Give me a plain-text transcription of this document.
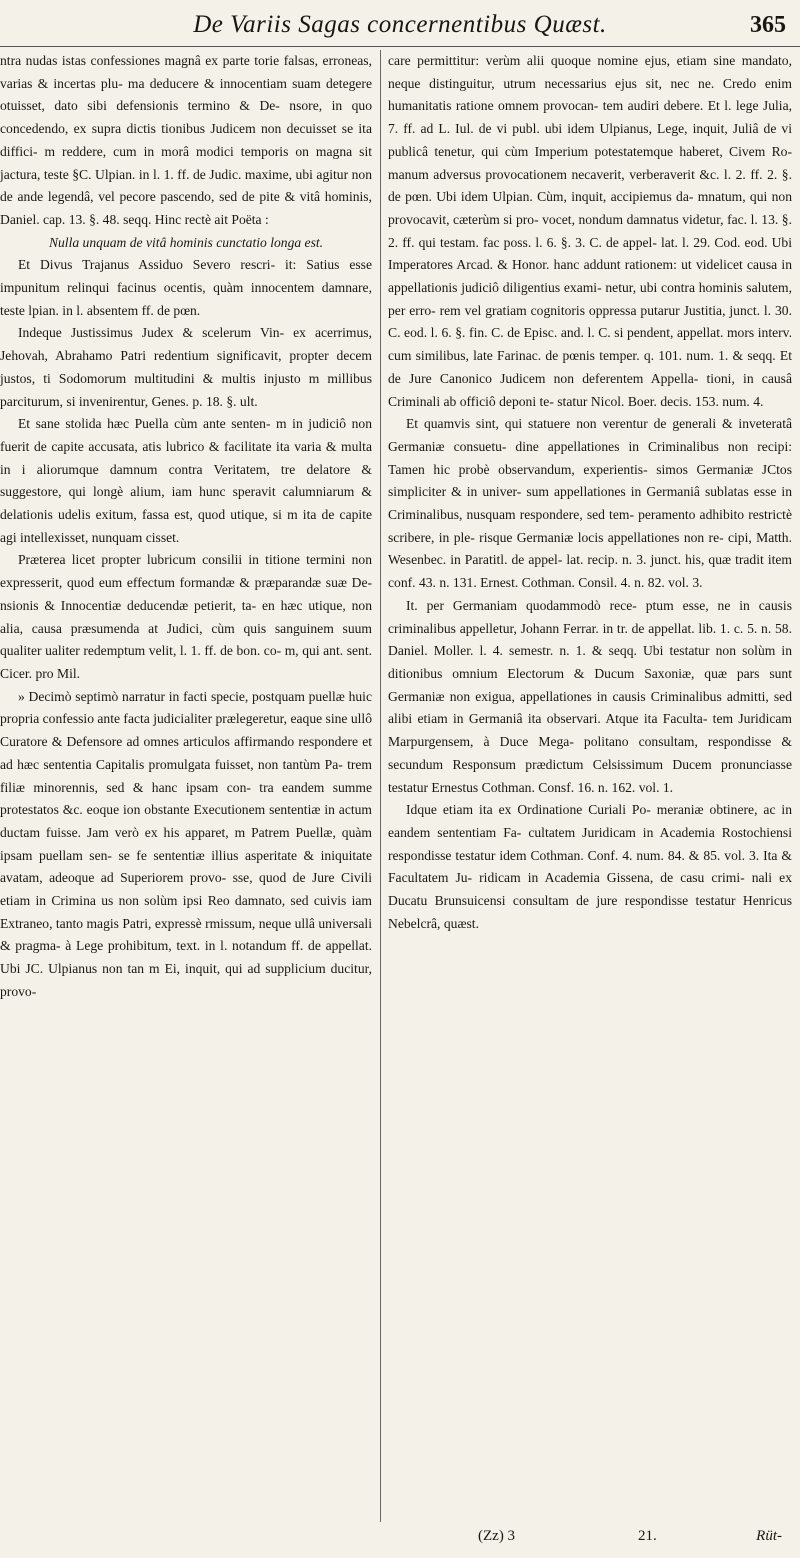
De Variis Sagas concernentibus Quæst.	365

ntra nudas istas confessiones magnâ ex parte torie falsas, erroneas, varias & incertas plu- ma deducere & innocentiam suam detegere otuisset, dato sibi defensionis termino & De- nsore, in quo concedendo, ex supra dictis tionibus Judicem non decuisset se ita diffici- m reddere, cum in morâ modici temporis on magna sit jactura, teste §C. Ulpian. in l. 1. ff. de Judic. maxime, ubi agitur non de ande legendâ, vel pecore pascendo, sed de pite & vitâ hominis, Daniel. cap. 13. §. 48. seqq. Hinc rectè ait Poëta :

Nulla unquam de vitâ hominis cunctatio longa est.

Et Divus Trajanus Assiduo Severo rescri- it: Satius esse impunitum relinqui facinus ocentis, quàm innocentem damnare, teste lpian. in l. absentem ff. de pœn.

Indeque Justissimus Judex & scelerum Vin- ex acerrimus, Jehovah, Abrahamo Patri redentium significavit, propter decem justos, ti Sodomorum multitudini & multis injusto m millibus parciturum, si invenirentur, Genes. p. 18. §. ult.

Et sane stolida hæc Puella cùm ante senten- m in judiciô non fuerit de capite accusata, atis lubrico & facilitate ita varia & multa in i aliorumque damnum contra Veritatem, tre delatore & suggestore, qui longè alium, iam hunc speravit calumniarum & delationis udelis exitum, fassa est, quod utique, si m ita de capite agi intellexisset, nunquam cisset.

Præterea licet propter lubricum consilii in titione termini non expresserit, quod eum effectum formandæ & præparandæ suæ De- nsionis & Innocentiæ deducendæ petierit, ta- en hæc utique, non alia, causa præsumenda at Judici, cùm quis sanguinem suum qualiter ualiter redemptum velit, l. 1. ff. de bon. co- m, qui ant. sent. Cicer. pro Mil.

» Decimò septimò narratur in facti specie, postquam puellæ huic propria confessio ante facta judicialiter prælegeretur, eaque sine ullô Curatore & Defensore ad omnes articulos affirmando respondere et ad hæc sententia Capitalis promulgata fuisset, non tantùm Pa- trem filiæ minorennis, sed & hanc ipsam con- tra eandem summe protestatos &c. eoque ion obstante Executionem sententiæ in actum ductam fuisse. Jam verò ex his apparet, m Patrem Puellæ, quàm ipsam puellam sen- se fe sententiæ illius asperitate & iniquitate avatam, adeoque ad Superiorem provo- sse, quod de Jure Civili etiam in Crimina us non solùm ipsi Reo damnato, sed cuivis iam Extraneo, tanto magis Patri, expressè rmissum, neque ullâ universali & pragma- à Lege prohibitum, text. in l. notandum ff. de appellat. Ubi JC. Ulpianus non tan m Ei, inquit, qui ad supplicium ducitur, provo-

care permittitur: verùm alii quoque nomine ejus, etiam sine mandato, neque distinguitur, utrum necessarius ejus sit, nec ne. Credo enim humanitatis ratione omnem provocan- tem audiri debere. Et l. lege Julia, 7. ff. ad L. Iul. de vi publ. ubi idem Ulpianus, Lege, inquit, Juliâ de vi publicâ tenetur, qui cùm Imperium potestatemque haberet, Civem Ro- manum adversus provocationem necaverit, verberaverit &c. l. 2. ff. 2. §. de pœn. Ubi idem Ulpian. Cùm, inquit, accipiemus da- mnatum, qui non provocavit, cæterùm si pro- vocet, nondum damnatus videtur, fac. l. 13. §. 2. ff. qui testam. fac poss. l. 6. §. 3. C. de appel- lat. l. 29. Cod. eod. Ubi Imperatores Arcad. & Honor. hanc addunt rationem: ut videlicet causa in appellationis judiciô diligentius exami- netur, ubi contra hominis salutem, per erro- rem vel gratiam cognitoris oppressa putarur Justitia, junct. l. 30. C. eod. l. 6. §. fin. C. de Episc. and. l. C. si pendent, appellat. mors interv. cum similibus, late Farinac. de pœnis temper. q. 101. num. 1. & seqq. Et de Jure Canonico Judicem non deferentem Appella- tioni, in causâ Criminali ab officiô deponi te- statur Nicol. Boer. decis. 153. num. 4.

Et quamvis sint, qui statuere non verentur de generali & inveteratâ Germaniæ consuetu- dine appellationes in Criminalibus non recipi: Tamen hic probè observandum, experientis- simos Germaniæ JCtos simpliciter & in univer- sum appellationes in Germaniâ sublatas esse in Criminalibus, nusquam respondere, sed tem- peramento adhibito restrictè scribere, in ple- risque Germaniæ locis appellationes non re- cipi, Matth. Wesenbec. in Paratitl. de appel- lat. recip. n. 3. junct. his, quæ tradit item conf. 43. n. 131. Ernest. Cothman. Consil. 4. n. 82. vol. 3.

It. per Germaniam quodammodò rece- ptum esse, ne in causis criminalibus appelletur, Johann Ferrar. in tr. de appellat. lib. 1. c. 5. n. 58. Daniel. Moller. l. 4. semestr. n. 1. & seqq. Ubi testatur non solùm in ditionibus omnium Electorum & Ducum Saxoniæ, quæ pars sunt Germaniæ non exigua, appellationes in causis Criminalibus admitti, sed alibi etiam in Germaniâ ita observari. Atque ita Faculta- tem Juridicam Marpurgensem, à Duce Mega- politano consultam, respondisse & secundum Responsum prædictum Celsissimum Ducem pronunciasse testatur Ernestus Cothman. Consf. 16. n. 162. vol. 1.

Idque etiam ita ex Ordinatione Curiali Po- meraniæ obtinere, ac in eandem sententiam Fa- cultatem Juridicam in Academia Rostochiensi respondisse testatur idem Cothman. Conf. 4. num. 84. & 85. vol. 3. Ita & Facultatem Ju- ridicam in Academia Gissena, de casu crimi- nali ex Ducatu Brunsuicensi consultam de jure respondisse testatur Henricus Nebelcrâ, quæst.

(Zz) 3	21.	Rüt-
